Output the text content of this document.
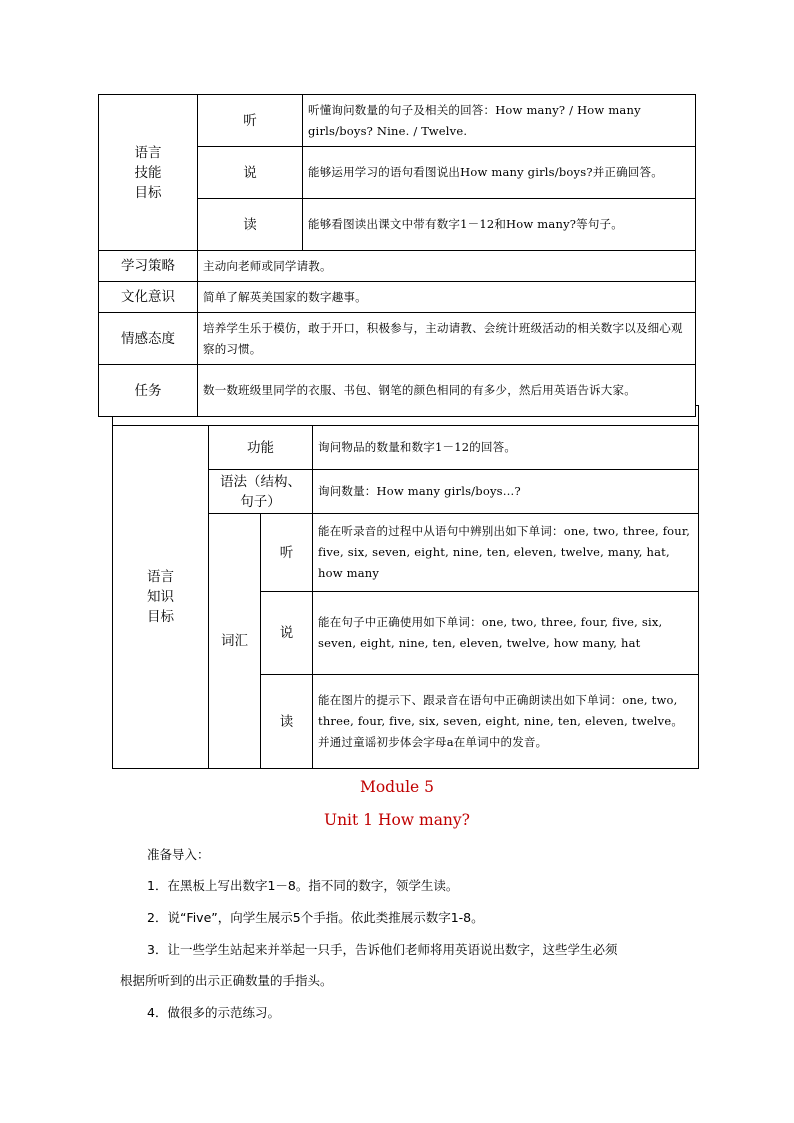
语言
知识
目标	功能		询问物品的数量和数字1－12的回答。
	语法（结构、句子）		询问数量：How many girls/boys…?
	词汇	听	能在听录音的过程中从语句中辨别出如下单词：one, two, three, four, five, six, seven, eight, nine, ten, eleven, twelve, many, hat, how many
		说	能在句子中正确使用如下单词：one, two, three, four, five, six, seven, eight, nine, ten, eleven, twelve, how many, hat
		读	能在图片的提示下、跟录音在语句中正确朗读出如下单词：one, two, three, four, five, six, seven, eight, nine, ten, eleven, twelve。并通过童谣初步体会字母a在单词中的发音。
语言
技能
目标	听	听懂询问数量的句子及相关的回答：How many? / How many girls/boys? Nine. / Twelve.
	说	能够运用学习的语句看图说出How many girls/boys?并正确回答。
	读	能够看图读出课文中带有数字1－12和How many?等句子。
学习策略	主动向老师或同学请教。	
文化意识	简单了解英美国家的数字趣事。	
情感态度	培养学生乐于模仿，敢于开口，积极参与，主动请教、会统计班级活动的相关数字以及细心观察的习惯。	
任务	数一数班级里同学的衣服、书包、钢笔的颜色相同的有多少，然后用英语告诉大家。	
Module 5
Unit 1 How many?
准备导入：
1．在黑板上写出数字1－8。指不同的数字，领学生读。
2．说“Five”，向学生展示5个手指。依此类推展示数字1-8。
3．让一些学生站起来并举起一只手，告诉他们老师将用英语说出数字，这些学生必须
根据所听到的出示正确数量的手指头。
4．做很多的示范练习。
